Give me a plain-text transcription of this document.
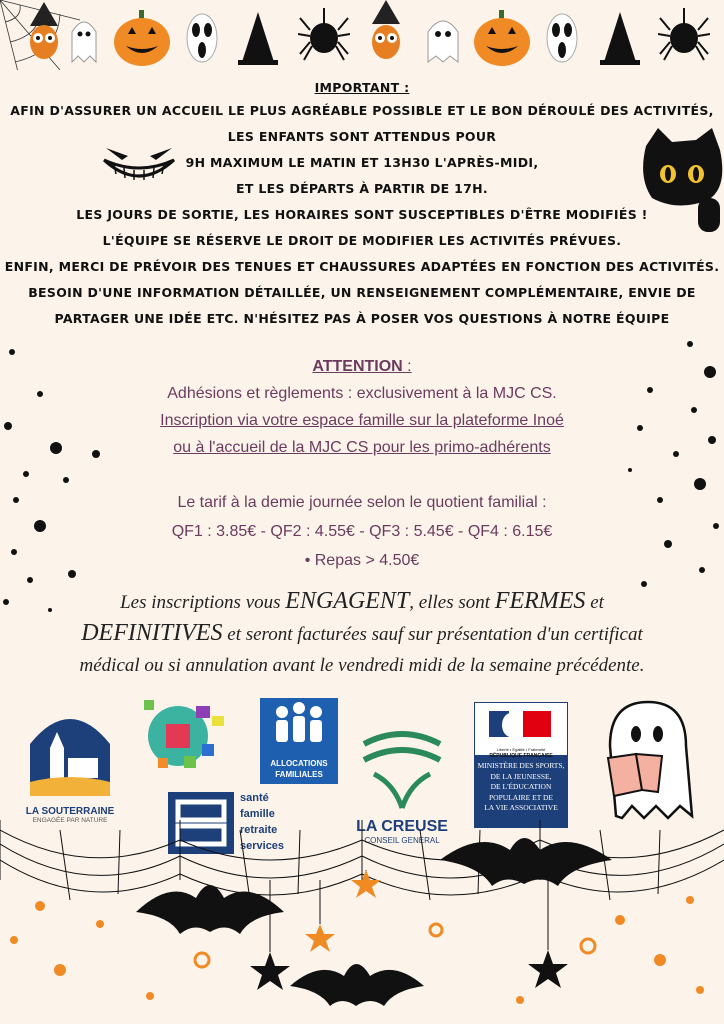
IMPORTANT :
AFIN D'ASSURER UN ACCUEIL LE PLUS AGRÉABLE POSSIBLE ET LE BON DÉROULÉ DES ACTIVITÉS,
LES ENFANTS SONT ATTENDUS POUR
9H MAXIMUM LE MATIN ET 13H30 L'APRÈS-MIDI,
ET LES DÉPARTS À PARTIR DE 17H.
LES JOURS DE SORTIE, LES HORAIRES SONT SUSCEPTIBLES D'ÊTRE MODIFIÉS !
L'ÉQUIPE SE RÉSERVE LE DROIT DE MODIFIER LES ACTIVITÉS PRÉVUES.
ENFIN, MERCI DE PRÉVOIR DES TENUES ET CHAUSSURES ADAPTÉES EN FONCTION DES ACTIVITÉS.
BESOIN D'UNE INFORMATION DÉTAILLÉE, UN RENSEIGNEMENT COMPLÉMENTAIRE, ENVIE DE
PARTAGER UNE IDÉE ETC. N'HÉSITEZ PAS À POSER VOS QUESTIONS À NOTRE ÉQUIPE
ATTENTION :
Adhésions et règlements : exclusivement à la MJC CS.
Inscription via votre espace famille sur la plateforme Inoé
ou à l'accueil de la MJC CS pour les primo-adhérents
Le tarif à la demie journée selon le quotient familial :
QF1 : 3.85€ - QF2 : 4.55€ - QF3 : 5.45€ - QF4 : 6.15€
• Repas > 4.50€
Les inscriptions vous ENGAGENT, elles sont FERMES et
DEFINITIVES et seront facturées sauf sur présentation d'un certificat
médical ou si annulation avant le vendredi midi de la semaine précédente.
LA SOUTERRAINE
ENGAGÉE PAR NATURE
ALLOCATIONS
FAMILIALES
santé
famille
retraite
services
LA CREUSE
CONSEIL GENERAL
Liberté • Égalité • Fraternité
RÉPUBLIQUE FRANÇAISE
MINISTÈRE DES SPORTS,
DE LA JEUNESSE,
DE L'ÉDUCATION
POPULAIRE ET DE
LA VIE ASSOCIATIVE
